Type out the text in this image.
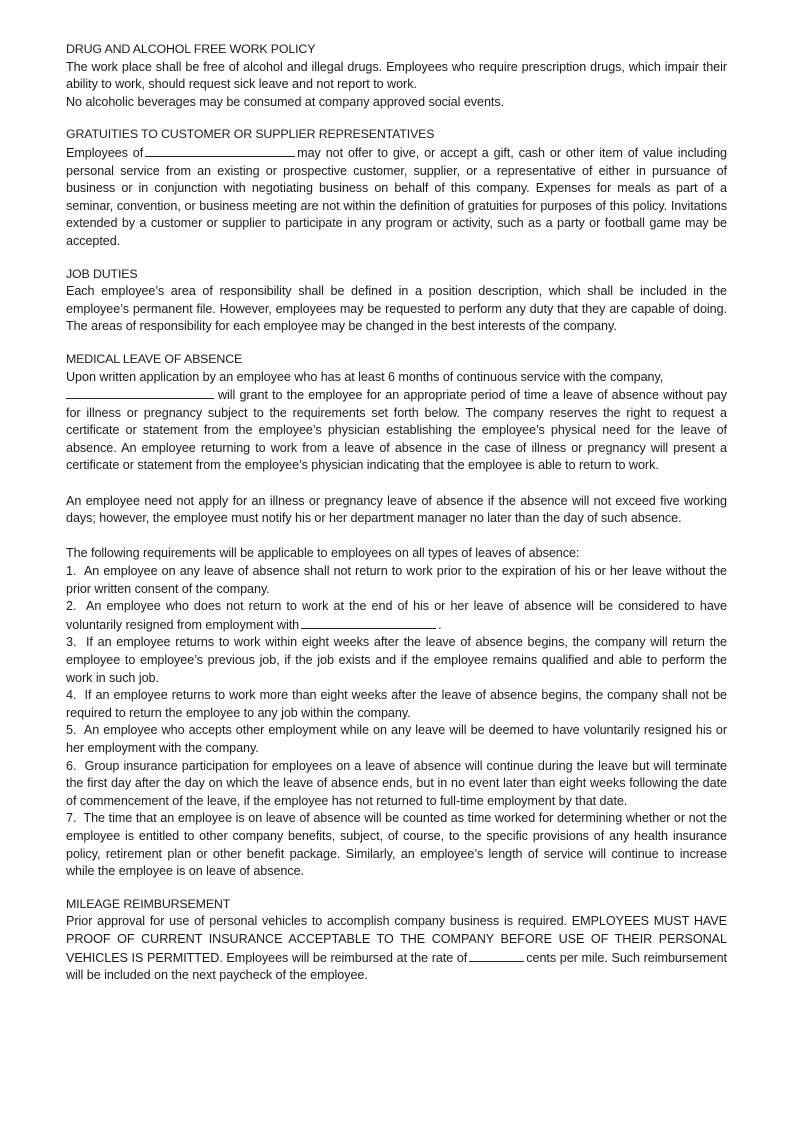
DRUG AND ALCOHOL FREE WORK POLICY

The work place shall be free of alcohol and illegal drugs. Employees who require prescription drugs, which impair their ability to work, should request sick leave and not report to work.

No alcoholic beverages may be consumed at company approved social events.

GRATUITIES TO CUSTOMER OR SUPPLIER REPRESENTATIVES

Employees of	may not offer to give, or accept a gift, cash or other item of value including personal service from an existing or prospective customer, supplier, or a representative of either in pursuance of business or in conjunction with negotiating business on behalf of this company. Expenses for meals as part of a seminar, convention, or business meeting are not within the definition of gratuities for purposes of this policy. Invitations extended by a customer or supplier to participate in any program or activity, such as a party or football game may be accepted.

JOB DUTIES

Each employee’s area of responsibility shall be defined in a position description, which shall be included in the employee’s permanent file. However, employees may be requested to perform any duty that they are capable of doing. The areas of responsibility for each employee may be changed in the best interests of the company.

MEDICAL LEAVE OF ABSENCE

Upon written application by an employee who has at least 6 months of continuous service with the company,

will grant to the employee for an appropriate period of time a leave of absence without pay for illness or pregnancy subject to the requirements set forth below. The company reserves the right to request a certificate or statement from the employee’s physician establishing the employee’s physical need for the leave of absence. An employee returning to work from a leave of absence in the case of illness or pregnancy will present a certificate or statement from the employee’s physician indicating that the employee is able to return to work.

An employee need not apply for an illness or pregnancy leave of absence if the absence will not exceed five working days; however, the employee must notify his or her department manager no later than the day of such absence.

The following requirements will be applicable to employees on all types of leaves of absence:

1. An employee on any leave of absence shall not return to work prior to the expiration of his or her leave without the prior written consent of the company.
2. An employee who does not return to work at the end of his or her leave of absence will be considered to have voluntarily resigned from employment with	.
3. If an employee returns to work within eight weeks after the leave of absence begins, the company will return the employee to employee’s previous job, if the job exists and if the employee remains qualified and able to perform the work in such job.
4. If an employee returns to work more than eight weeks after the leave of absence begins, the company shall not be required to return the employee to any job within the company.
5. An employee who accepts other employment while on any leave will be deemed to have voluntarily resigned his or her employment with the company.
6. Group insurance participation for employees on a leave of absence will continue during the leave but will terminate the first day after the day on which the leave of absence ends, but in no event later than eight weeks following the date of commencement of the leave, if the employee has not returned to full-time employment by that date.
7. The time that an employee is on leave of absence will be counted as time worked for determining whether or not the employee is entitled to other company benefits, subject, of course, to the specific provisions of any health insurance policy, retirement plan or other benefit package. Similarly, an employee’s length of service will continue to increase while the employee is on leave of absence.
MILEAGE REIMBURSEMENT

Prior approval for use of personal vehicles to accomplish company business is required. EMPLOYEES MUST HAVE PROOF OF CURRENT INSURANCE ACCEPTABLE TO THE COMPANY BEFORE USE OF THEIR PERSONAL VEHICLES IS PERMITTED. Employees will be reimbursed at the rate of	cents per mile. Such reimbursement will be included on the next paycheck of the employee.
